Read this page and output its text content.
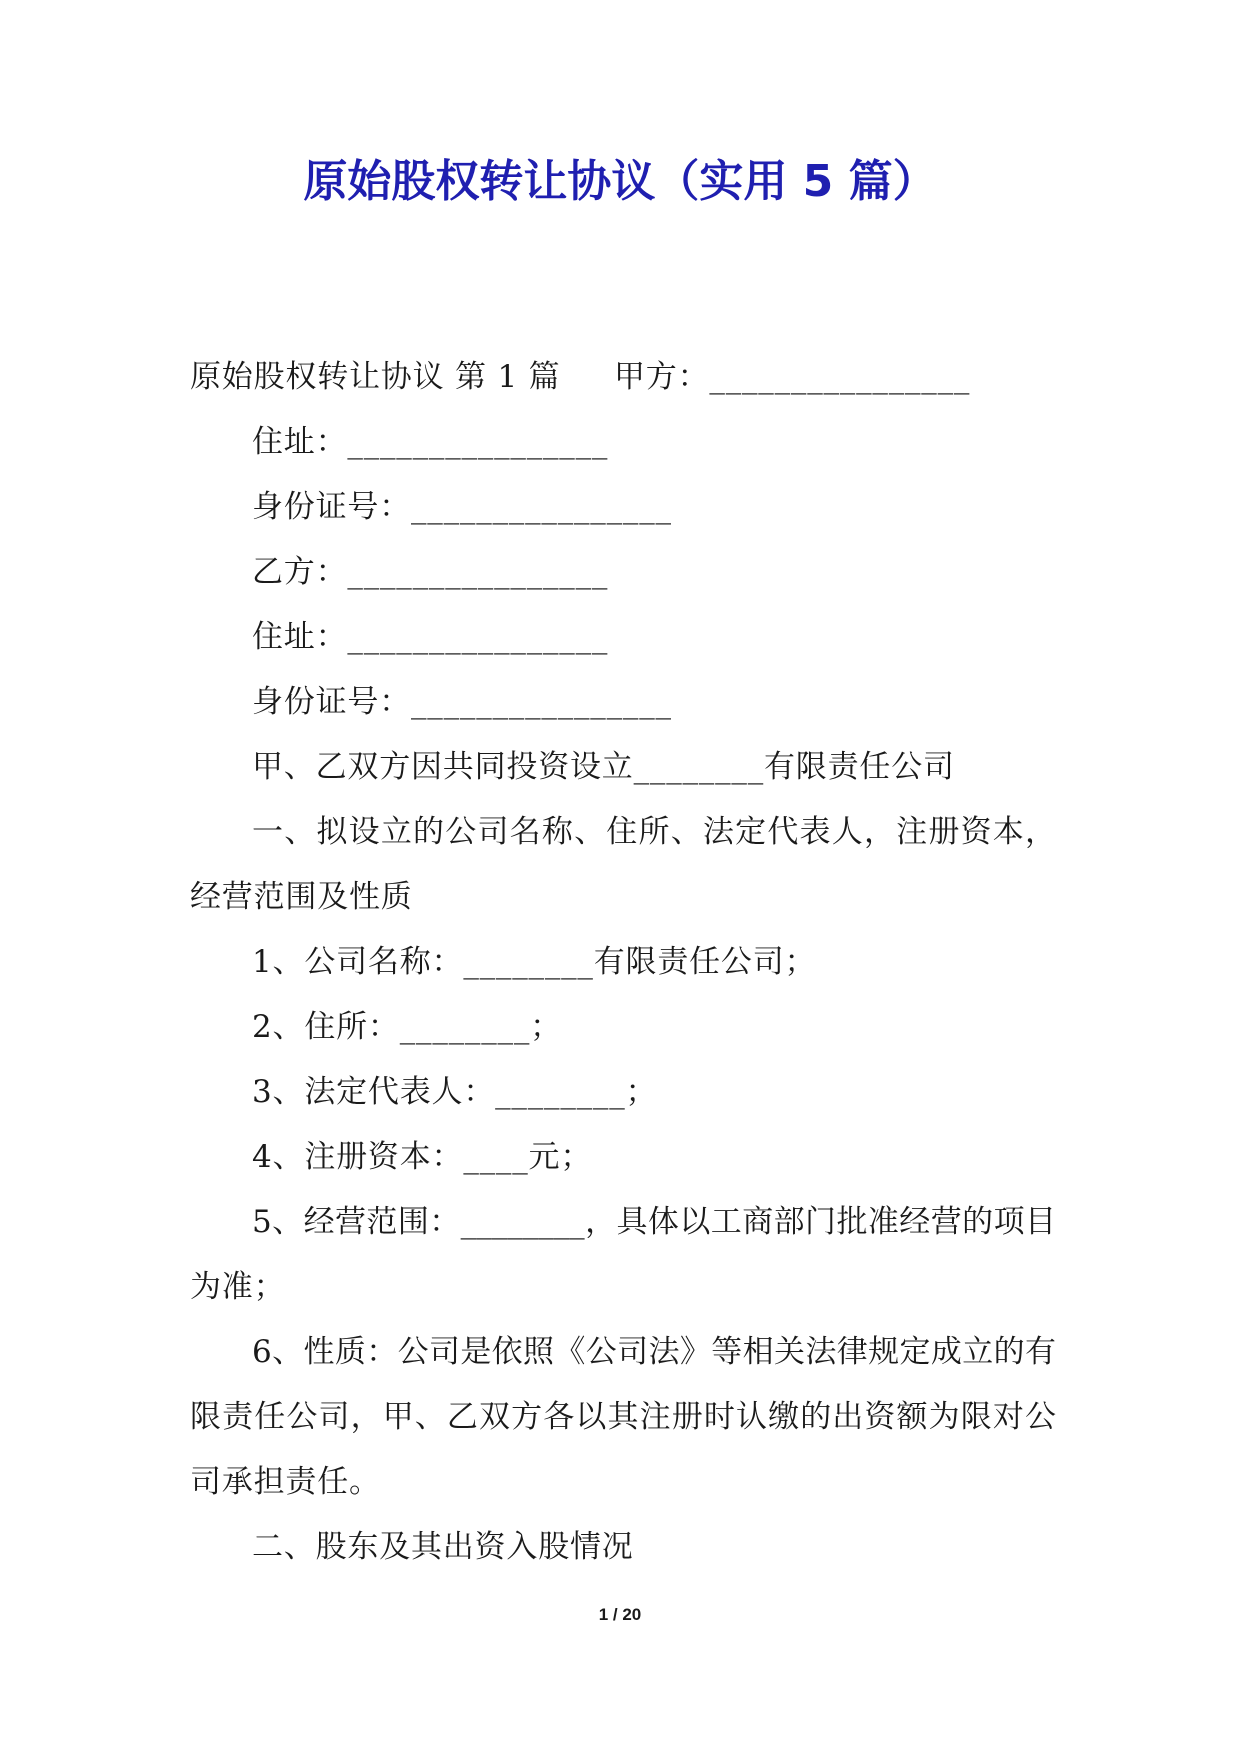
原始股权转让协议（实用 5 篇）
原始股权转让协议 第 1 篇	甲方：________________
住址：________________
身份证号：________________
乙方：________________
住址：________________
身份证号：________________
甲、乙双方因共同投资设立________有限责任公司
一、拟设立的公司名称、住所、法定代表人，注册资本，
经营范围及性质
1、公司名称：________有限责任公司；
2、住所：________；
3、法定代表人：________；
4、注册资本：____元；
5、经营范围：________，具体以工商部门批准经营的项目
为准；
6、性质：公司是依照《公司法》等相关法律规定成立的有
限责任公司，甲、乙双方各以其注册时认缴的出资额为限对公
司承担责任。
二、股东及其出资入股情况
1 / 20
